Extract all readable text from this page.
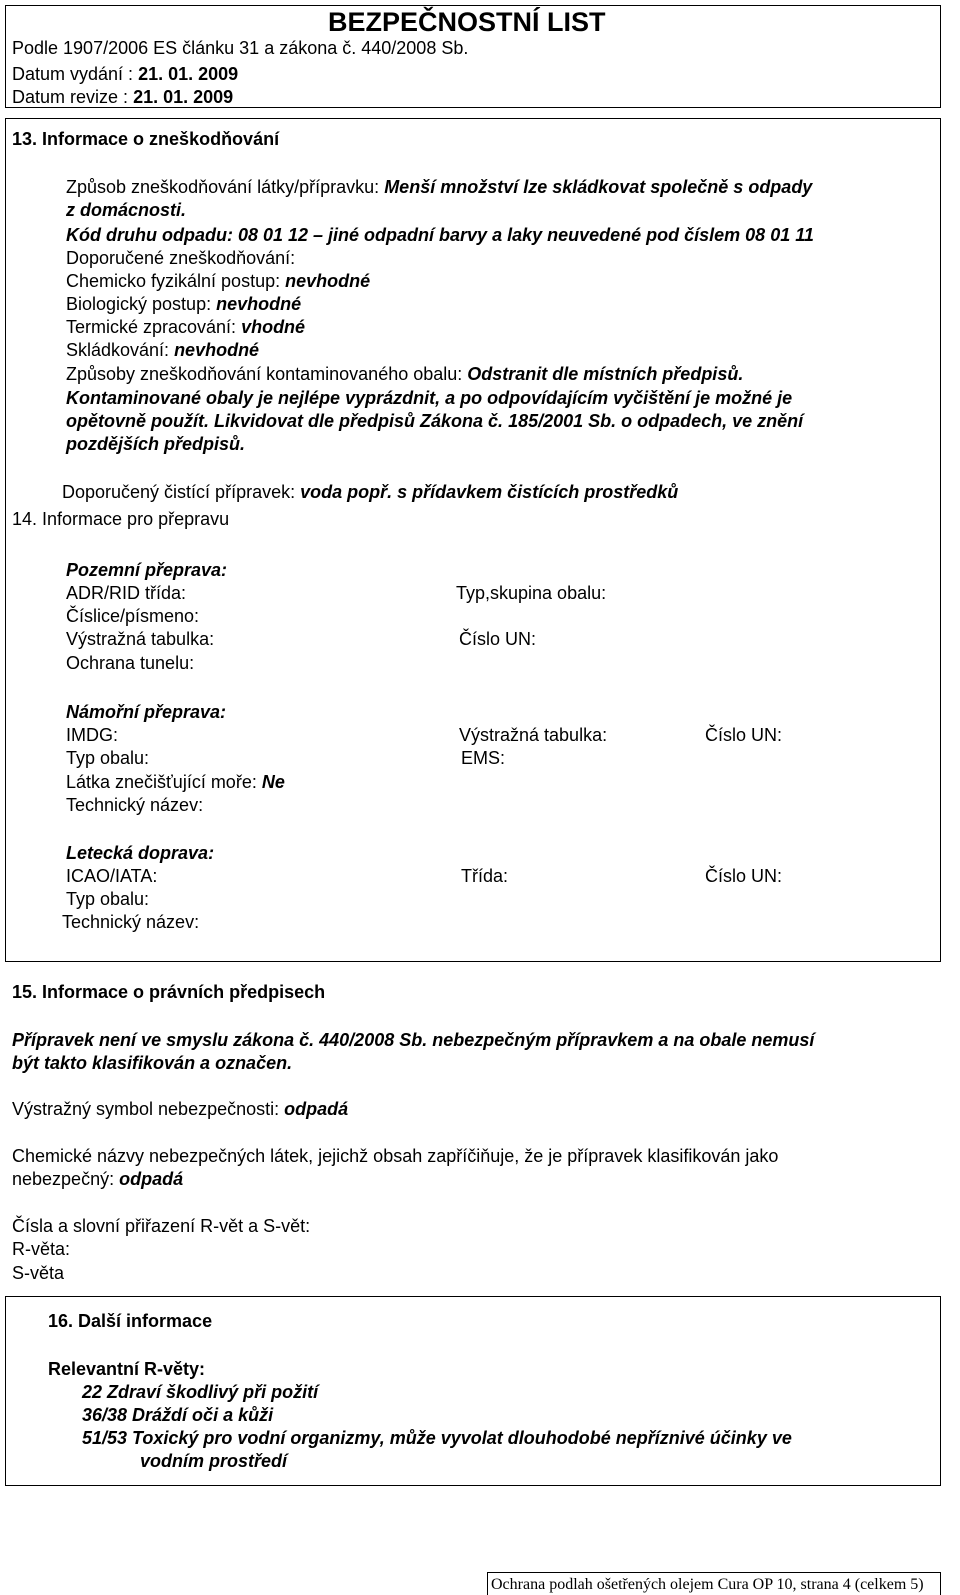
BEZPEČNOSTNÍ LIST
Podle 1907/2006 ES článku 31 a zákona č. 440/2008 Sb.
Datum vydání : 21. 01. 2009
Datum revize : 21. 01. 2009
13. Informace o zneškodňování
Způsob zneškodňování látky/přípravku: Menší množství lze skládkovat společně s odpady
z domácnosti.
Kód druhu odpadu: 08 01 12 – jiné odpadní barvy a laky neuvedené pod číslem 08 01 11
Doporučené zneškodňování:
Chemicko fyzikální postup: nevhodné
Biologický postup: nevhodné
Termické zpracování: vhodné
Skládkování: nevhodné
Způsoby zneškodňování kontaminovaného obalu: Odstranit dle místních předpisů.
Kontaminované obaly je nejlépe vyprázdnit, a po odpovídajícím vyčištění je možné je
opětovně použít. Likvidovat dle předpisů Zákona č. 185/2001 Sb. o odpadech, ve znění
pozdějších předpisů.
Doporučený čistící přípravek: voda popř. s přídavkem čistících prostředků
14. Informace pro přepravu
Pozemní přeprava:
ADR/RID třída:	Typ,skupina obalu:
Číslice/písmeno:
Výstražná tabulka:	Číslo UN:
Ochrana tunelu:
Námořní přeprava:
IMDG:	Výstražná tabulka:	Číslo UN:
Typ obalu:	EMS:
Látka znečišťující moře: Ne
Technický název:
Letecká doprava:
ICAO/IATA:	Třída:	Číslo UN:
Typ obalu:
Technický název:
15. Informace o právních předpisech
Přípravek není ve smyslu zákona č. 440/2008 Sb. nebezpečným přípravkem a na obale nemusí
být takto klasifikován a označen.
Výstražný symbol nebezpečnosti: odpadá
Chemické názvy nebezpečných látek, jejichž obsah zapříčiňuje, že je přípravek klasifikován jako
nebezpečný: odpadá
Čísla a slovní přiřazení R-vět a S-vět:
R-věta:
S-věta
16. Další informace
Relevantní R-věty:
22 Zdraví škodlivý při požití
36/38 Dráždí oči a kůži
51/53 Toxický pro vodní organizmy, může vyvolat dlouhodobé nepříznivé účinky ve
vodním prostředí
Ochrana podlah ošetřených olejem Cura OP 10, strana 4 (celkem 5)
